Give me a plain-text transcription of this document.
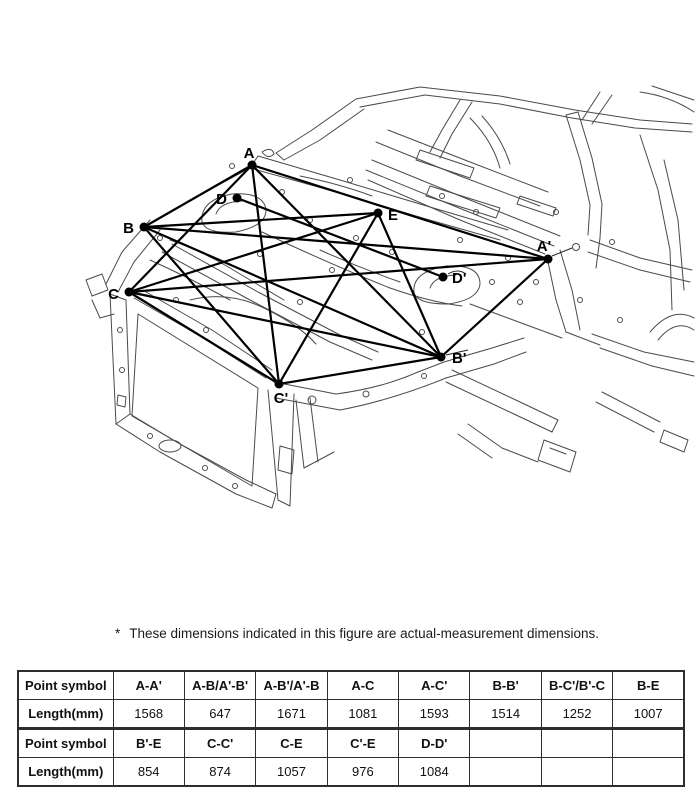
A
B
C
D
E
A'
B'
C'
D'
* These dimensions indicated in this figure are actual-measurement dimensions.
Point symbol	A-A'	A-B/A'-B'	A-B'/A'-B	A-C	A-C'	B-B'	B-C'/B'-C	B-E
Length(mm)	1568	647	1671	1081	1593	1514	1252	1007
Point symbol	B'-E	C-C'	C-E	C'-E	D-D'			
Length(mm)	854	874	1057	976	1084			
